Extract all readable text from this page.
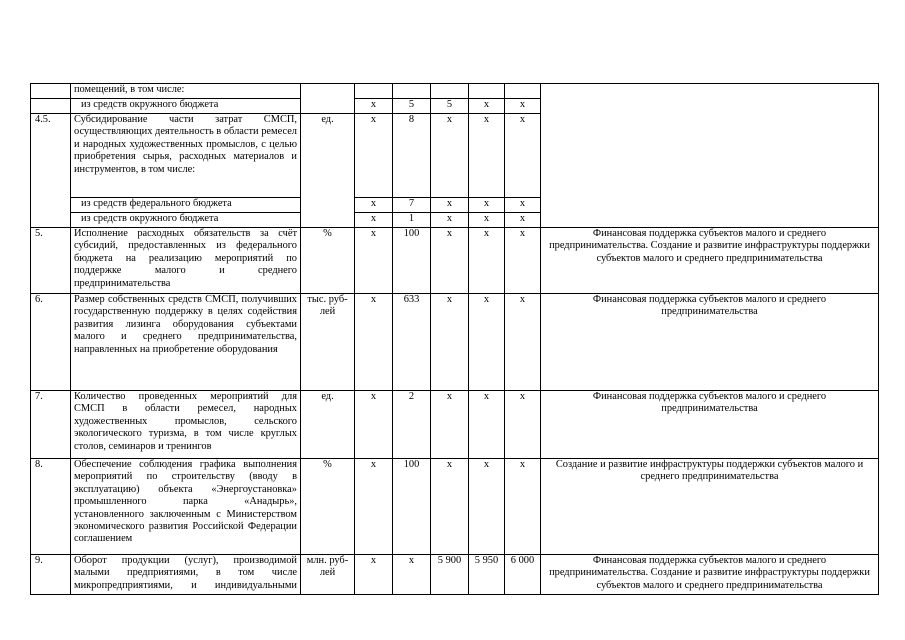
	помещений, в том числе:							
	из средств окружного бюджета		х	5	5	х	х	
4.5.	Субсидирование части затрат СМСП, осуществляющих деятельность в области ремесел и народных художественных промыслов, с целью приобретения сырья, расходных материалов и инструментов, в том числе:	ед.	х	8	х	х	х	
	из средств федерального бюджета		х	7	х	х	х	
	из средств окружного бюджета		х	1	х	х	х	
5.	Исполнение расходных обязательств за счёт субсидий, предоставленных из федерального бюджета на реализацию мероприятий по поддержке малого и среднего предпринимательства	%	х	100	х	х	х	Финансовая поддержка субъектов малого и среднего предпринимательства. Создание и развитие инфраструктуры поддержки субъектов малого и среднего предпринимательства
6.	Размер собственных средств СМСП, получивших государственную поддержку в целях содействия развития лизинга оборудования субъектами малого и среднего предпринимательства, направленных на приобретение оборудования	тыс. руб-лей	х	633	х	х	х	Финансовая поддержка субъектов малого и среднего предпринимательства
7.	Количество проведенных мероприятий для СМСП в области ремесел, народных художественных промыслов, сельского экологического туризма, в том числе круглых столов, семинаров и тренингов	ед.	х	2	х	х	х	Финансовая поддержка субъектов малого и среднего предпринимательства
8.	Обеспечение соблюдения графика выполнения мероприятий по строительству (вводу в эксплуатацию) объекта «Энергоустановка» промышленного парка «Анадырь», установленного заключенным с Министерством экономического развития Российской Федерации соглашением	%	х	100	х	х	х	Создание и развитие инфраструктуры поддержки субъектов малого и среднего предпринимательства
9.	Оборот продукции (услуг), производимой малыми предприятиями, в том числе микропредприятиями, и индивидуальными	млн. руб-лей	х	х	5 900	5 950	6 000	Финансовая поддержка субъектов малого и среднего предпринимательства. Создание и развитие инфраструктуры поддержки субъектов малого и среднего предпринимательства
